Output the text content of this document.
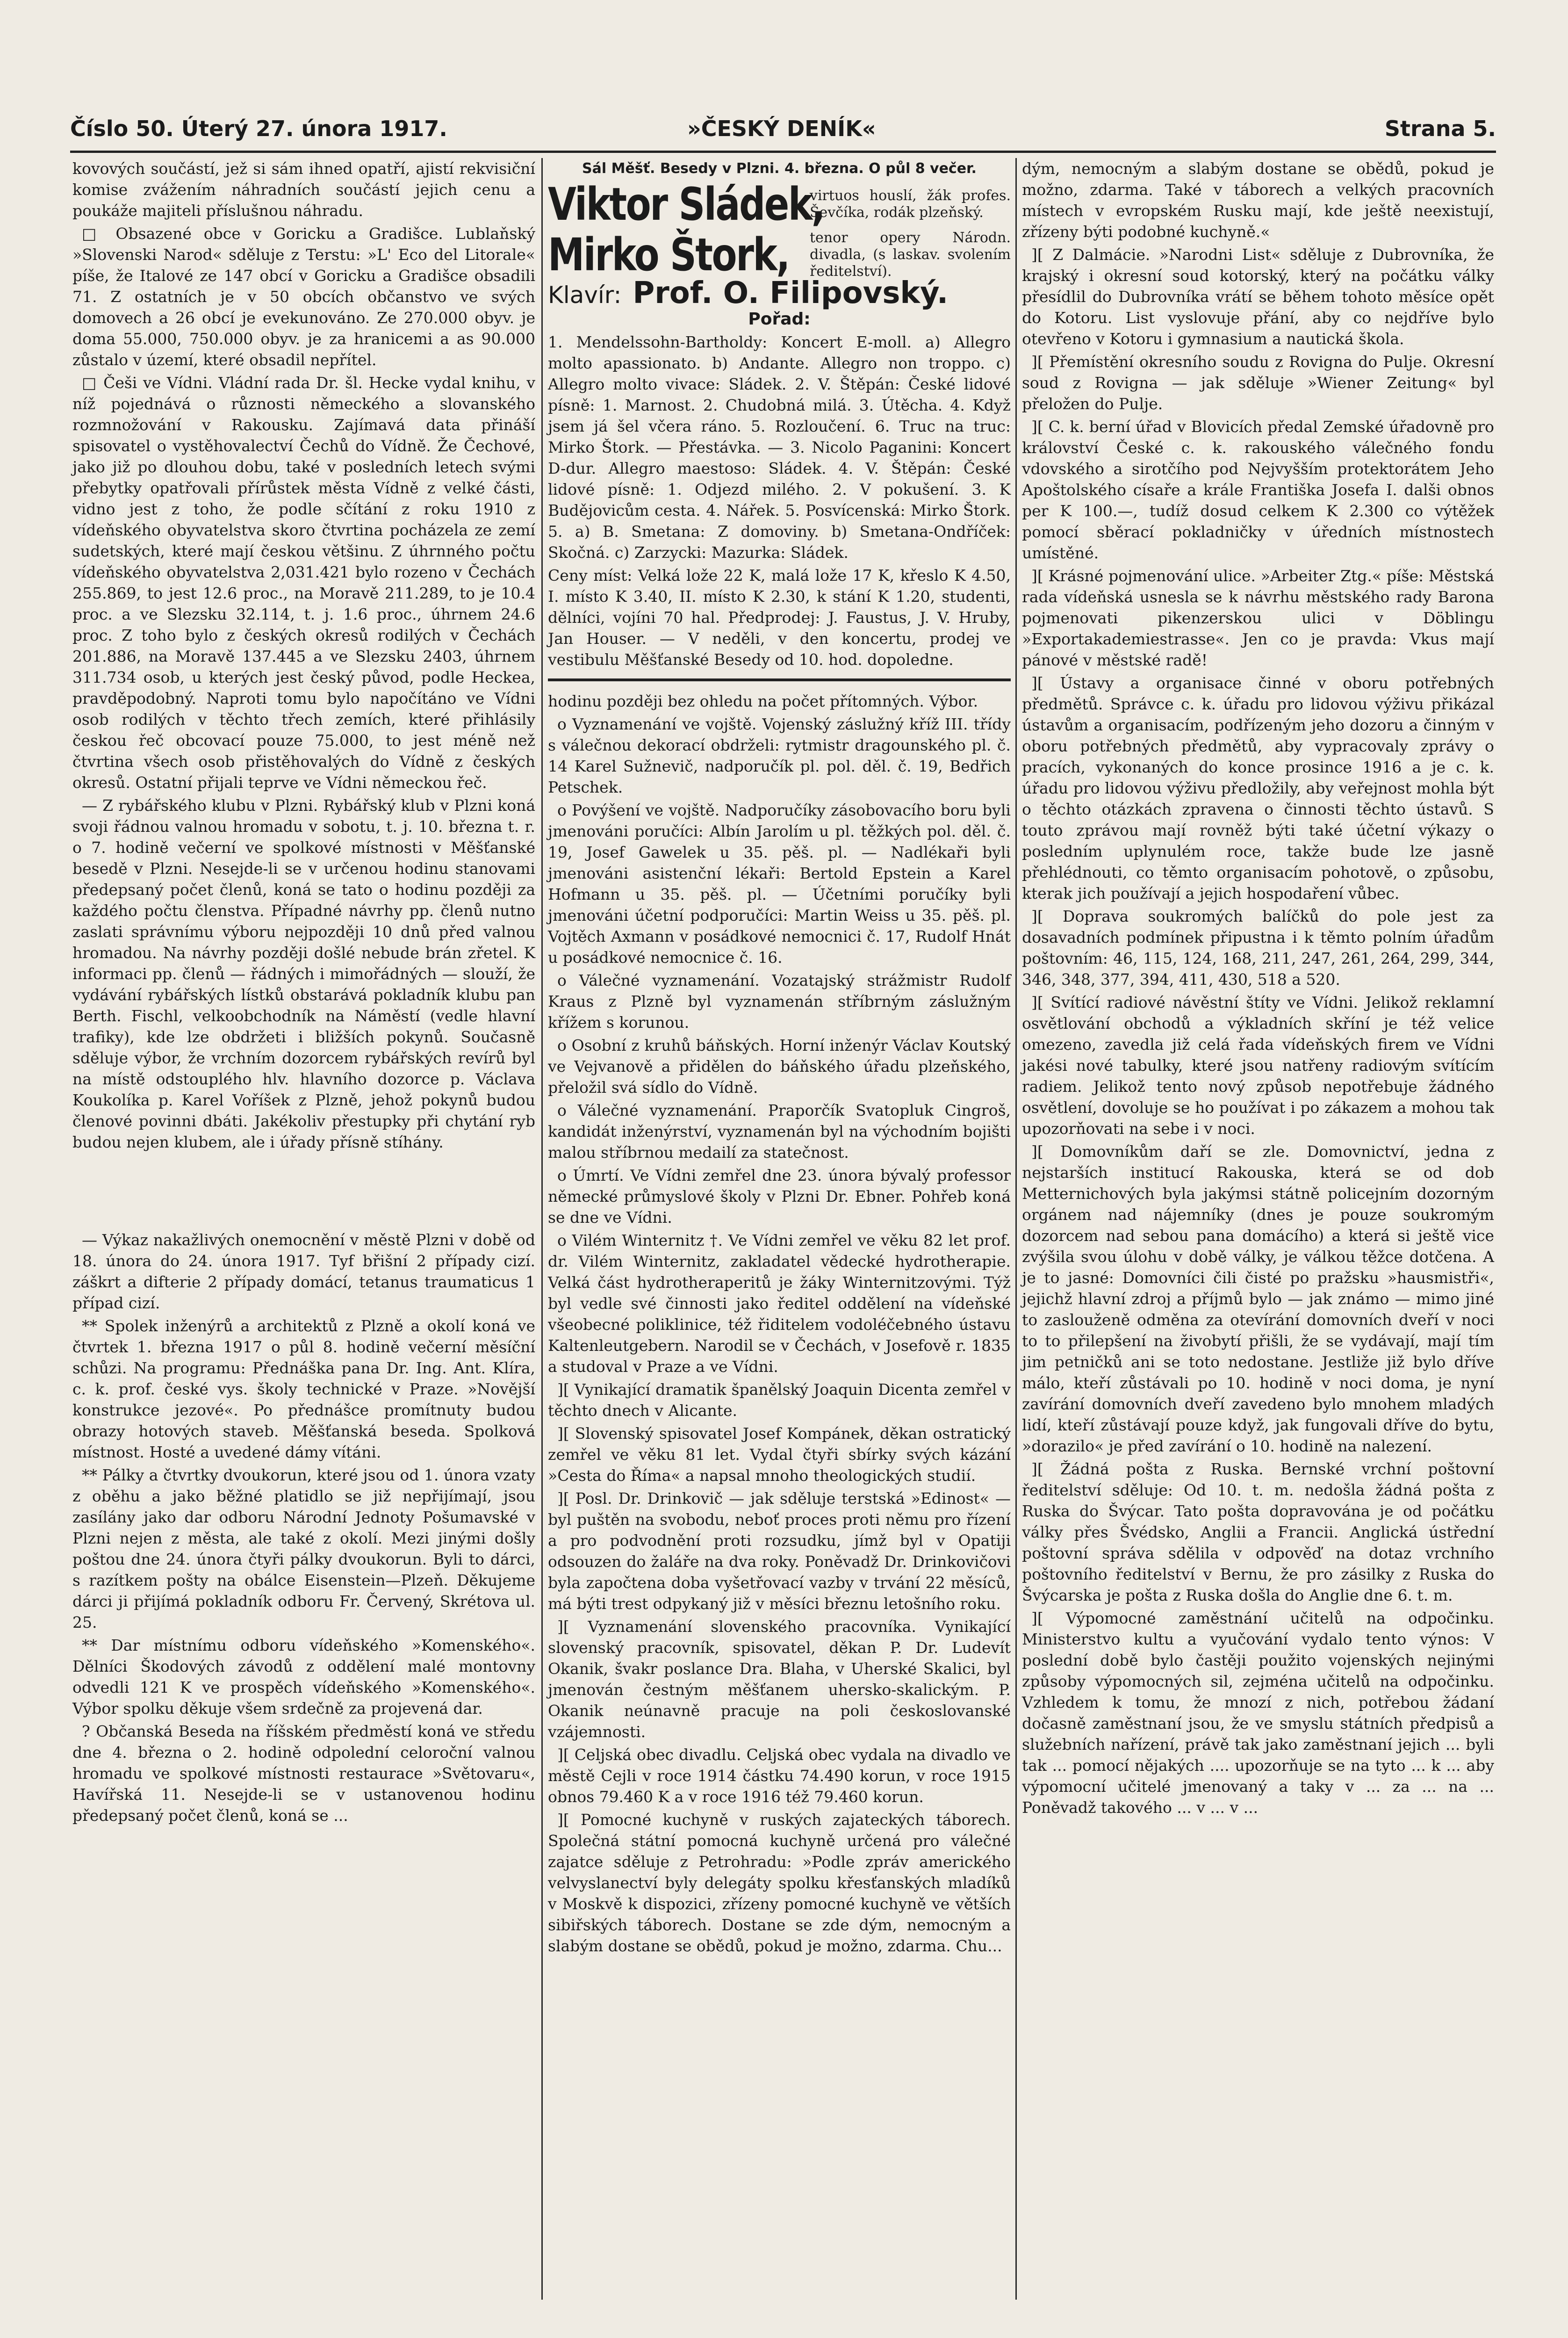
Číslo 50. Úterý 27. února 1917.	»ČESKÝ DENÍK«	Strana 5.

kovových součástí, jež si sám ihned opatří, ajistí rekvisiční komise zvážením náhradních součástí jejich cenu a poukáže majiteli příslušnou náhradu.

□ Obsazené obce v Goricku a Gradišce. Lublaňský »Slovenski Narod« sděluje z Terstu: »L' Eco del Litorale« píše, že Italové ze 147 obcí v Goricku a Gradišce obsadili 71. Z ostatních je v 50 obcích občanstvo ve svých domovech a 26 obcí je evekunováno. Ze 270.000 obyv. je doma 55.000, 750.000 obyv. je za hranicemi a as 90.000 zůstalo v území, které obsadil nepřítel.

□ Češi ve Vídni. Vládní rada Dr. šl. Hecke vydal knihu, v níž pojednává o různosti německého a slovanského rozmnožování v Rakousku. Zajímavá data přináší spisovatel o vystěhovalectví Čechů do Vídně. Že Čechové, jako již po dlouhou dobu, také v posledních letech svými přebytky opatřovali přírůstek města Vídně z velké části, vidno jest z toho, že podle sčítání z roku 1910 z vídeňského obyvatelstva skoro čtvrtina pocházela ze zemí sudetských, které mají českou většinu. Z úhrnného počtu vídeňského obyvatelstva 2,031.421 bylo rozeno v Čechách 255.869, to jest 12.6 proc., na Moravě 211.289, to je 10.4 proc. a ve Slezsku 32.114, t. j. 1.6 proc., úhrnem 24.6 proc. Z toho bylo z českých okresů rodilých v Čechách 201.886, na Moravě 137.445 a ve Slezsku 2403, úhrnem 311.734 osob, u kterých jest český původ, podle Heckea, pravděpodobný. Naproti tomu bylo napočítáno ve Vídni osob rodilých v těchto třech zemích, které přihlásily českou řeč obcovací pouze 75.000, to jest méně než čtvrtina všech osob přistěhovalých do Vídně z českých okresů. Ostatní přijali teprve ve Vídni německou řeč.

— Z rybářského klubu v Plzni. Rybářský klub v Plzni koná svoji řádnou valnou hromadu v sobotu, t. j. 10. března t. r. o 7. hodině večerní ve spolkové místnosti v Měšťanské besedě v Plzni. Nesejde-li se v určenou hodinu stanovami předepsaný počet členů, koná se tato o hodinu později za každého počtu členstva. Případné návrhy pp. členů nutno zaslati správnímu výboru nejpozději 10 dnů před valnou hromadou. Na návrhy později došlé nebude brán zřetel. K informaci pp. členů — řádných i mimořádných — slouží, že vydávání rybářských lístků obstarává pokladník klubu pan Berth. Fischl, velkoobchodník na Náměstí (vedle hlavní trafiky), kde lze obdržeti i bližších pokynů. Současně sděluje výbor, že vrchním dozorcem rybářských revírů byl na místě odstouplého hlv. hlavního dozorce p. Václava Koukolíka p. Karel Voříšek z Plzně, jehož pokynů budou členové povinni dbáti. Jakékoliv přestupky při chytání ryb budou nejen klubem, ale i úřady přísně stíhány.

— Výkaz nakažlivých onemocnění v městě Plzni v době od 18. února do 24. února 1917. Tyf břišní 2 případy cizí. záškrt a difterie 2 případy domácí, tetanus traumaticus 1 případ cizí.

** Spolek inženýrů a architektů z Plzně a okolí koná ve čtvrtek 1. března 1917 o půl 8. hodině večerní měsíční schůzi. Na programu: Přednáška pana Dr. Ing. Ant. Klíra, c. k. prof. české vys. školy technické v Praze. »Novější konstrukce jezové«. Po přednášce promítnuty budou obrazy hotových staveb. Měšťanská beseda. Spolková místnost. Hosté a uvedené dámy vítáni.

** Pálky a čtvrtky dvoukorun, které jsou od 1. února vzaty z oběhu a jako běžné platidlo se již nepřijímají, jsou zasílány jako dar odboru Národní Jednoty Pošumavské v Plzni nejen z města, ale také z okolí. Mezi jinými došly poštou dne 24. února čtyři pálky dvoukorun. Byli to dárci, s razítkem pošty na obálce Eisenstein—Plzeň. Děkujeme dárci ji přijímá pokladník odboru Fr. Červený, Skrétova ul. 25.

** Dar místnímu odboru vídeňského »Komenského«. Dělníci Škodových závodů z oddělení malé montovny odvedli 121 K ve prospěch vídeňského »Komenského«. Výbor spolku děkuje všem srdečně za projevená dar.

? Občanská Beseda na říšském předměstí koná ve středu dne 4. března o 2. hodině odpolední celoroční valnou hromadu ve spolkové místnosti restaurace »Světovaru«, Havířská 11. Nesejde-li se v ustanovenou hodinu předepsaný počet členů, koná se ...

Sál Měšť. Besedy v Plzni. 4. března. O půl 8 večer.
Viktor Sládek,
virtuos houslí, žák profes. Ševčíka, rodák plzeňský.
Mirko Štork, tenor opery Národn. divadla, (s laskav. svolením ředitelství).
Klavír: Prof. O. Filipovský.
Pořad:

1. Mendelssohn-Bartholdy: Koncert E-moll. a) Allegro molto apassionato. b) Andante. Allegro non troppo. c) Allegro molto vivace: Sládek. 2. V. Štěpán: České lidové písně: 1. Marnost. 2. Chudobná milá. 3. Útěcha. 4. Když jsem já šel včera ráno. 5. Rozloučení. 6. Truc na truc: Mirko Štork. — Přestávka. — 3. Nicolo Paganini: Koncert D-dur. Allegro maestoso: Sládek. 4. V. Štěpán: České lidové písně: 1. Odjezd milého. 2. V pokušení. 3. K Budějovicům cesta. 4. Nářek. 5. Posvícenská: Mirko Štork. 5. a) B. Smetana: Z domoviny. b) Smetana-Ondříček: Skočná. c) Zarzycki: Mazurka: Sládek.

Ceny míst: Velká lože 22 K, malá lože 17 K, křeslo K 4.50, I. místo K 3.40, II. místo K 2.30, k stání K 1.20, studenti, dělníci, vojíni 70 hal. Předprodej: J. Faustus, J. V. Hruby, Jan Houser. — V neděli, v den koncertu, prodej ve vestibulu Měšťanské Besedy od 10. hod. dopoledne.

hodinu později bez ohledu na počet přítomných. Výbor.

o Vyznamenání ve vojště. Vojenský záslužný kříž III. třídy s válečnou dekorací obdrželi: rytmistr dragounského pl. č. 14 Karel Sužnevič, nadporučík pl. pol. děl. č. 19, Bedřich Petschek.

o Povýšení ve vojště. Nadporučíky zásobovacího boru byli jmenováni poručíci: Albín Jarolím u pl. těžkých pol. děl. č. 19, Josef Gawelek u 35. pěš. pl. — Nadlékaři byli jmenováni asistenční lékaři: Bertold Epstein a Karel Hofmann u 35. pěš. pl. — Účetními poručíky byli jmenováni účetní podporučíci: Martin Weiss u 35. pěš. pl. Vojtěch Axmann v posádkové nemocnici č. 17, Rudolf Hnát u posádkové nemocnice č. 16.

o Válečné vyznamenání. Vozatajský strážmistr Rudolf Kraus z Plzně byl vyznamenán stříbrným záslužným křížem s korunou.

o Osobní z kruhů báňských. Horní inženýr Václav Koutský ve Vejvanově a přidělen do báňského úřadu plzeňského, přeložil svá sídlo do Vídně.

o Válečné vyznamenání. Praporčík Svatopluk Cingroš, kandidát inženýrství, vyznamenán byl na východním bojišti malou stříbrnou medailí za statečnost.

o Úmrtí. Ve Vídni zemřel dne 23. února bývalý professor německé průmyslové školy v Plzni Dr. Ebner. Pohřeb koná se dne ve Vídni.

o Vilém Winternitz †. Ve Vídni zemřel ve věku 82 let prof. dr. Vilém Winternitz, zakladatel vědecké hydrotherapie. Velká část hydrotheraperitů je žáky Winternitzovými. Týž byl vedle své činnosti jako ředitel oddělení na vídeňské všeobecné poliklinice, též řiditelem vodoléčebného ústavu Kaltenleutgebern. Narodil se v Čechách, v Josefově r. 1835 a studoval v Praze a ve Vídni.

][ Vynikající dramatik španělský Joaquin Dicenta zemřel v těchto dnech v Alicante.

][ Slovenský spisovatel Josef Kompánek, děkan ostratický zemřel ve věku 81 let. Vydal čtyři sbírky svých kázání »Cesta do Říma« a napsal mnoho theologických studií.

][ Posl. Dr. Drinkovič — jak sděluje terstská »Edinost« — byl puštěn na svobodu, neboť proces proti němu pro řízení a pro podvodnění proti rozsudku, jímž byl v Opatiji odsouzen do žaláře na dva roky. Poněvadž Dr. Drinkovičovi byla započtena doba vyšetřovací vazby v trvání 22 měsíců, má býti trest odpykaný již v měsíci březnu letošního roku.

][ Vyznamenání slovenského pracovníka. Vynikající slovenský pracovník, spisovatel, děkan P. Dr. Ludevít Okanik, švakr poslance Dra. Blaha, v Uherské Skalici, byl jmenován čestným měšťanem uhersko-skalickým. P. Okanik neúnavně pracuje na poli českoslovanské vzájemnosti.

][ Celjská obec divadlu. Celjská obec vydala na divadlo ve městě Cejli v roce 1914 částku 74.490 korun, v roce 1915 obnos 79.460 K a v roce 1916 též 79.460 korun.

][ Pomocné kuchyně v ruských zajateckých táborech. Společná státní pomocná kuchyně určená pro válečné zajatce sděluje z Petrohradu: »Podle zpráv amerického velvyslanectví byly delegáty spolku křesťanských mladíků v Moskvě k dispozici, zřízeny pomocné kuchyně ve větších sibiřských táborech. Dostane se zde dým, nemocným a slabým dostane se obědů, pokud je možno, zdarma. Chu...

dým, nemocným a slabým dostane se obědů, pokud je možno, zdarma. Také v táborech a velkých pracovních místech v evropském Rusku mají, kde ještě neexistují, zřízeny býti podobné kuchyně.«

][ Z Dalmácie. »Narodni List« sděluje z Dubrovníka, že krajský i okresní soud kotorský, který na počátku války přesídlil do Dubrovníka vrátí se během tohoto měsíce opět do Kotoru. List vyslovuje přání, aby co nejdříve bylo otevřeno v Kotoru i gymnasium a nautická škola.

][ Přemístění okresního soudu z Rovigna do Pulje. Okresní soud z Rovigna — jak sděluje »Wiener Zeitung« byl přeložen do Pulje.

][ C. k. berní úřad v Blovicích předal Zemské úřadovně pro království České c. k. rakouského válečného fondu vdovského a sirotčího pod Nejvyšším protektorátem Jeho Apoštolského císaře a krále Františka Josefa I. dalši obnos per K 100.—, tudíž dosud celkem K 2.300 co výtěžek pomocí sběrací pokladničky v úředních místnostech umístěné.

][ Krásné pojmenování ulice. »Arbeiter Ztg.« píše: Městská rada vídeňská usnesla se k návrhu městského rady Barona pojmenovati pikenzerskou ulici v Döblingu »Exportakademiestrasse«. Jen co je pravda: Vkus mají pánové v městské radě!

][ Ústavy a organisace činné v oboru potřebných předmětů. Správce c. k. úřadu pro lidovou výživu přikázal ústavům a organisacím, podřízeným jeho dozoru a činným v oboru potřebných předmětů, aby vypracovaly zprávy o pracích, vykonaných do konce prosince 1916 a je c. k. úřadu pro lidovou výživu předložily, aby veřejnost mohla být o těchto otázkách zpravena o činnosti těchto ústavů. S touto zprávou mají rovněž býti také účetní výkazy o posledním uplynulém roce, takže bude lze jasně přehlédnouti, co těmto organisacím pohotově, o způsobu, kterak jich používají a jejich hospodaření vůbec.

][ Doprava soukromých balíčků do pole jest za dosavadních podmínek připustna i k těmto polním úřadům poštovním: 46, 115, 124, 168, 211, 247, 261, 264, 299, 344, 346, 348, 377, 394, 411, 430, 518 a 520.

][ Svítící radiové návěstní štíty ve Vídni. Jelikož reklamní osvětlování obchodů a výkladních skříní je též velice omezeno, zavedla již celá řada vídeňských firem ve Vídni jakési nové tabulky, které jsou natřeny radiovým svítícím radiem. Jelikož tento nový způsob nepotřebuje žádného osvětlení, dovoluje se ho používat i po zákazem a mohou tak upozorňovati na sebe i v noci.

][ Domovníkům daří se zle. Domovnictví, jedna z nejstarších institucí Rakouska, která se od dob Metternichových byla jakýmsi státně policejním dozorným orgánem nad nájemníky (dnes je pouze soukromým dozorcem nad sebou pana domácího) a která si ještě vice zvýšila svou úlohu v době války, je válkou těžce dotčena. A je to jasné: Domovníci čili čisté po pražsku »hausmistři«, jejichž hlavní zdroj a příjmů bylo — jak známo — mimo jiné to zaslouženě odměna za otevírání domovních dveří v noci to to přilepšení na živobytí přišli, že se vydávají, mají tím jim petničků ani se toto nedostane. Jestliže již bylo dříve málo, kteří zůstávali po 10. hodině v noci doma, je nyní zavírání domovních dveří zavedeno bylo mnohem mladých lidí, kteří zůstávají pouze když, jak fungovali dříve do bytu, »dorazilo« je před zavírání o 10. hodině na nalezení.

][ Žádná pošta z Ruska. Bernské vrchní poštovní ředitelství sděluje: Od 10. t. m. nedošla žádná pošta z Ruska do Švýcar. Tato pošta dopravována je od počátku války přes Švédsko, Anglii a Francii. Anglická ústřední poštovní správa sdělila v odpověď na dotaz vrchního poštovního ředitelství v Bernu, že pro zásilky z Ruska do Švýcarska je pošta z Ruska došla do Anglie dne 6. t. m.

][ Výpomocné zaměstnání učitelů na odpočinku. Ministerstvo kultu a vyučování vydalo tento výnos: V poslední době bylo častěji použito vojenských nejinými způsoby výpomocných sil, zejména učitelů na odpočinku. Vzhledem k tomu, že mnozí z nich, potřebou žádaní dočasně zaměstnaní jsou, že ve smyslu státních předpisů a služebních nařízení, právě tak jako zaměstnaní jejich ... byli tak ... pomocí nějakých .... upozorňuje se na tyto ... k ... aby výpomocní učitelé jmenovaný a taky v ... za ... na ... Poněvadž takového ... v ... v ...
